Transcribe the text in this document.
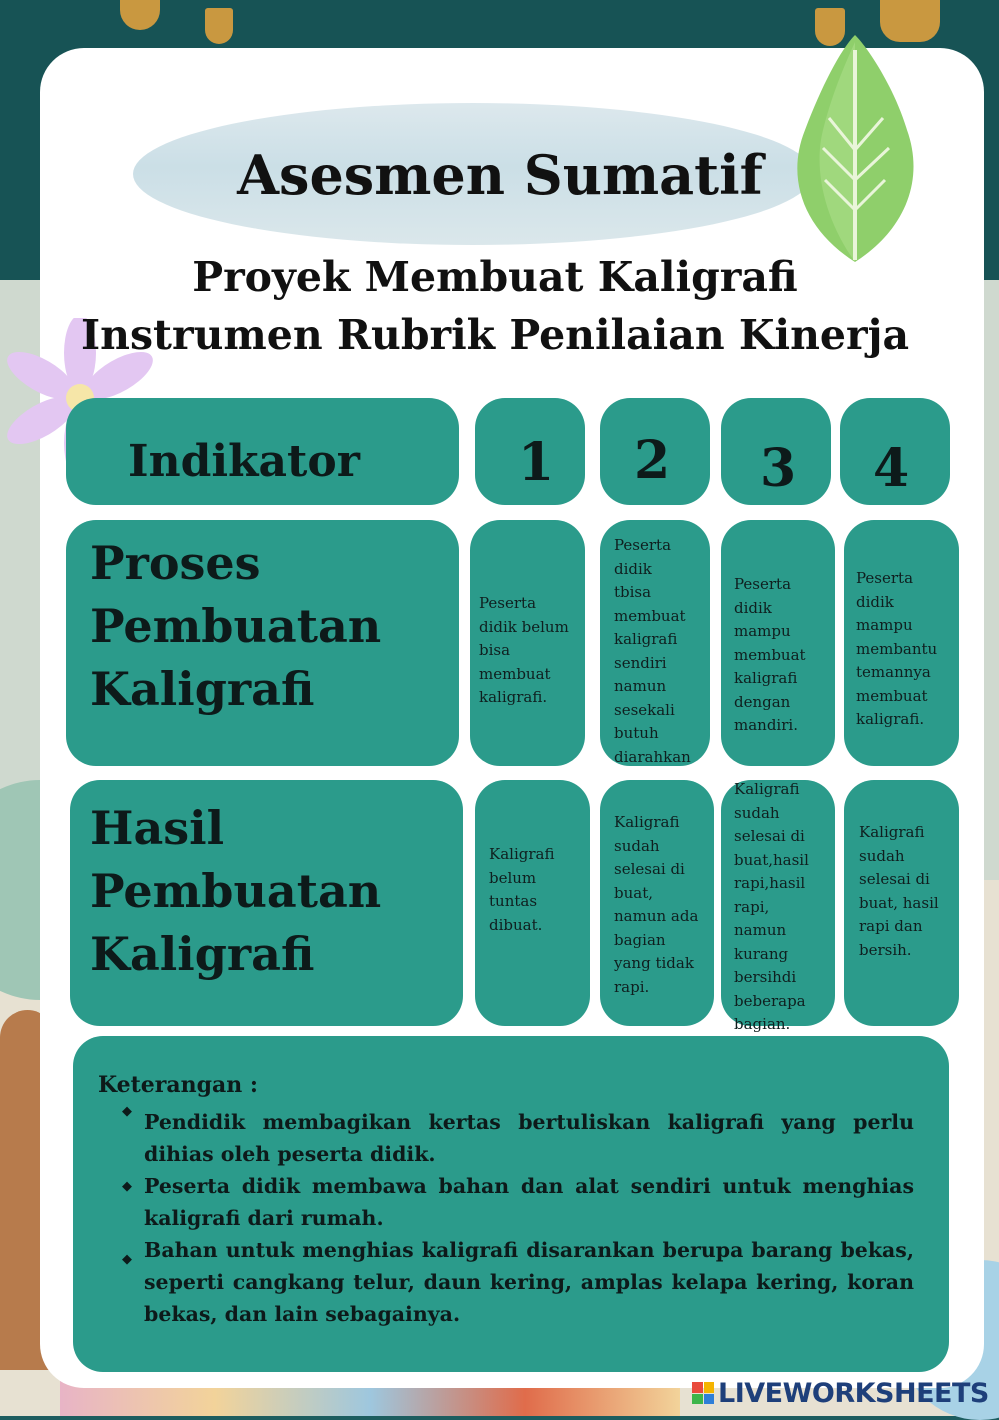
Asesmen Sumatif
Proyek Membuat Kaligrafi
Instrumen Rubrik Penilaian Kinerja

Indikator	1 2 3 4

Proses
Pembuatan
Kaligrafi

Peserta
didik belum
bisa
membuat
kaligrafi.

Peserta
didik
tbisa
membuat
kaligrafi
sendiri
namun
sesekali
butuh
diarahkan

Peserta
didik
mampu
membuat
kaligrafi
dengan
mandiri.

Peserta
didik
mampu
membantu
temannya
membuat
kaligrafi.

Hasil
Pembuatan
Kaligrafi

Kaligrafi
belum
tuntas
dibuat.

Kaligrafi
sudah
selesai di
buat,
namun ada
bagian
yang tidak
rapi.

Kaligrafi
sudah
selesai di
buat,hasil
rapi,hasil
rapi,
namun
kurang
bersihdi
beberapa
bagian.

Kaligrafi
sudah
selesai di
buat, hasil
rapi dan
bersih.

Keterangan :

◆ Pendidik membagikan kertas bertuliskan kaligrafi yang perlu dihias oleh peserta didik.

◆ Peserta didik membawa bahan dan alat sendiri untuk menghias kaligrafi dari rumah.

◆ Bahan untuk menghias kaligrafi disarankan berupa barang bekas, seperti cangkang telur, daun kering, amplas kelapa kering, koran bekas, dan lain sebagainya.

LIVEWORKSHEETS
